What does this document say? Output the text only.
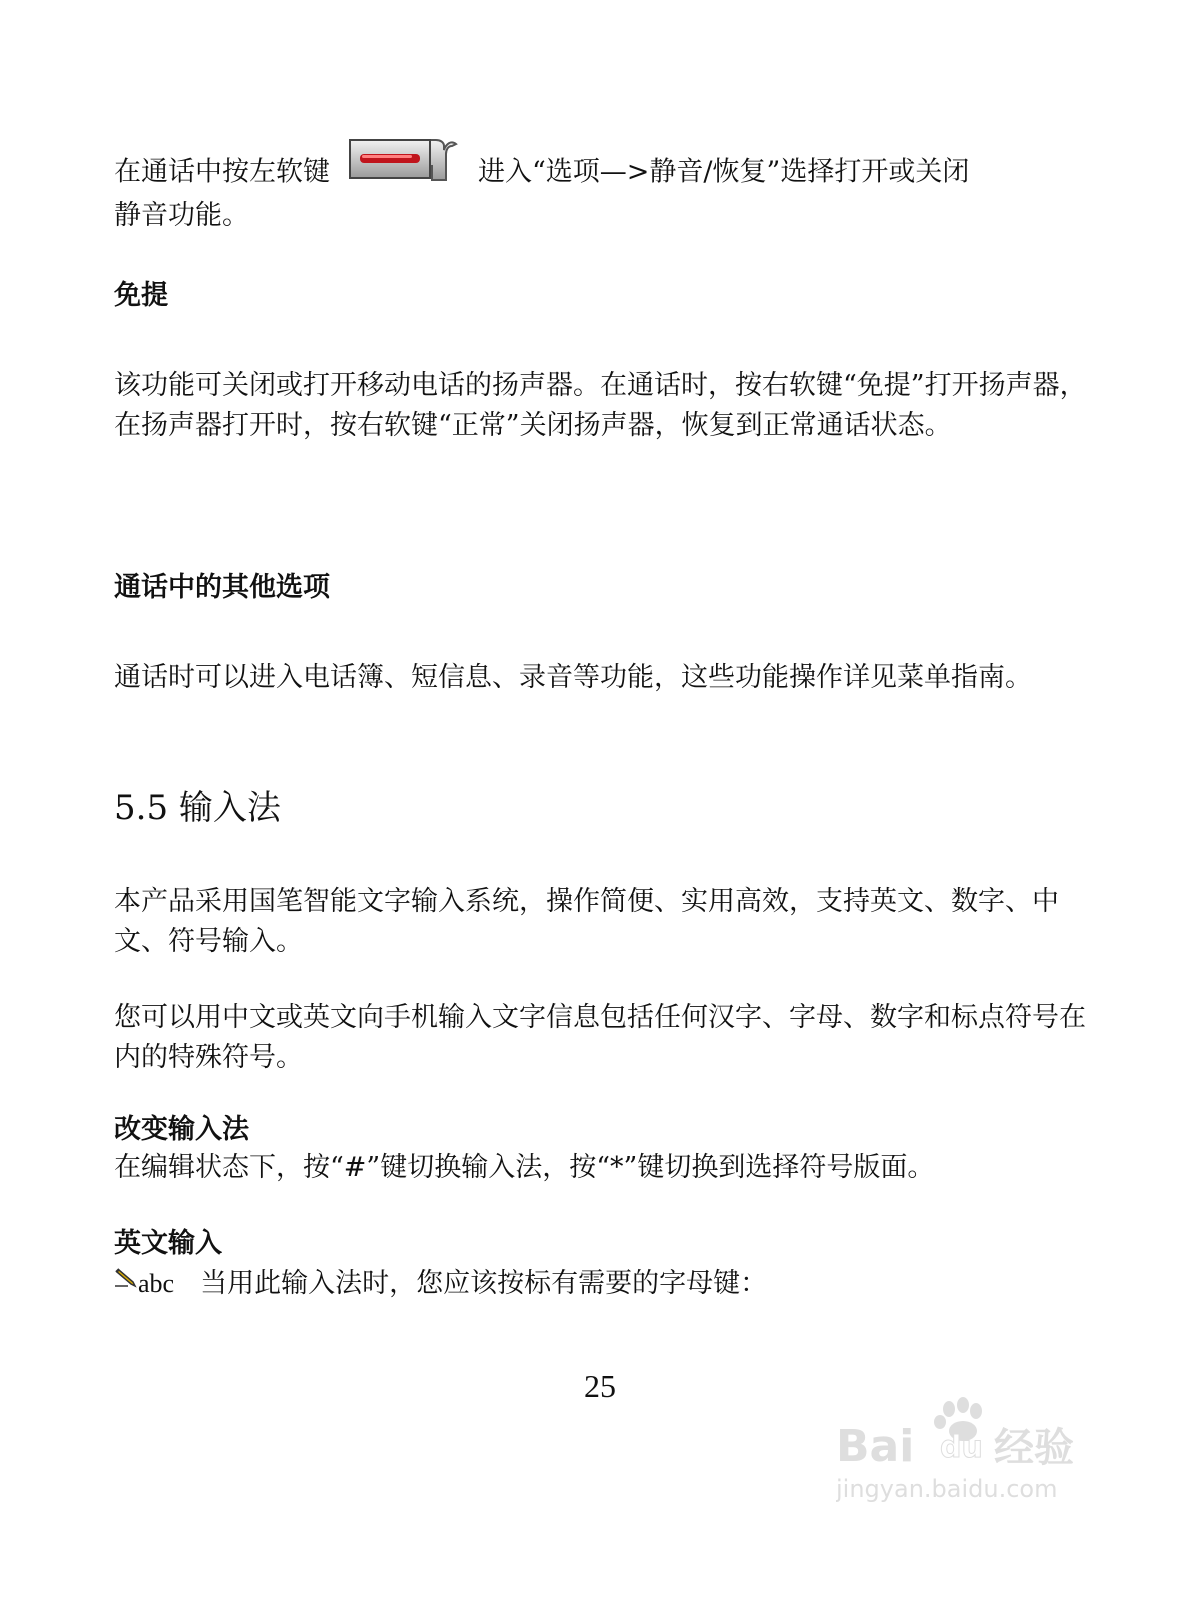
在通话中按左软键	进入“选项—>静音/恢复”选择打开或关闭
静音功能。

免提

该功能可关闭或打开移动电话的扬声器。在通话时，按右软键“免提”打开扬声器，在扬声器打开时，按右软键“正常”关闭扬声器，恢复到正常通话状态。

通话中的其他选项

通话时可以进入电话簿、短信息、录音等功能，这些功能操作详见菜单指南。

5.5 输入法

本产品采用国笔智能文字输入系统，操作简便、实用高效，支持英文、数字、中文、符号输入。

您可以用中文或英文向手机输入文字信息包括任何汉字、字母、数字和标点符号在内的特殊符号。

改变输入法

在编辑状态下，按“#”键切换输入法，按“*”键切换到选择符号版面。

英文输入

abc 当用此输入法时，您应该按标有需要的字母键：

25
Bai du 经验
jingyan.baidu.com
